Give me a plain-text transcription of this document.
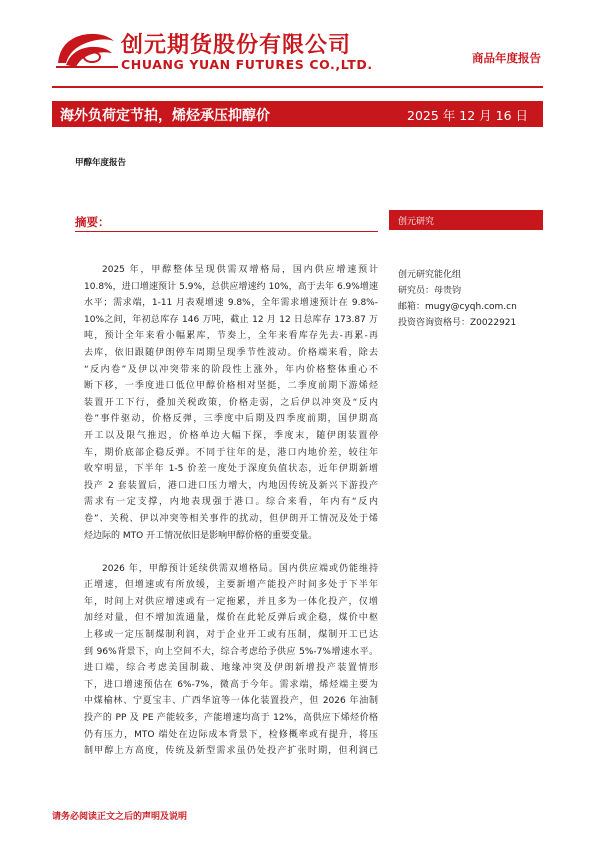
创元期货股份有限公司
CHUANG YUAN FUTURES CO.,LTD.	商品年度报告
海外负荷定节拍，烯烃承压抑醇价	2025 年 12 月 16 日
甲醇年度报告
摘要：
2025 年，甲醇整体呈现供需双增格局，国内供应增速预计
10.8%，进口增速预计 5.9%，总供应增速约 10%，高于去年 6.9%增速
水平；需求端，1-11 月表观增速 9.8%，全年需求增速预计在 9.8%-
10%之间，年初总库存 146 万吨，截止 12 月 12 日总库存 173.87 万
吨，预计全年来看小幅累库，节奏上，全年来看库存先去-再累-再
去库，依旧跟随伊朗停车周期呈现季节性波动。价格端来看，除去
“反内卷”及伊以冲突带来的阶段性上涨外，年内价格整体重心不
断下移，一季度进口低位甲醇价格相对坚挺，二季度前期下游烯烃
装置开工下行，叠加关税政策，价格走弱，之后伊以冲突及“反内
卷”事件驱动，价格反弹，三季度中后期及四季度前期，国伊期高
开工以及限气推迟，价格单边大幅下探，季度末，随伊朗装置停
车，期价底部企稳反弹。不同于往年的是，港口内地价差，较往年
收窄明显，下半年 1-5 价差一度处于深度负值状态，近年伊期新增
投产 2 套装置后，港口进口压力增大，内地因传统及新兴下游投产
需求有一定支撑，内地表现强于港口。综合来看，年内有“反内
卷”、关税、伊以冲突等相关事件的扰动，但伊朗开工情况及处于烯
烃边际的 MTO 开工情况依旧是影响甲醇价格的重要变量。
2026 年，甲醇预计延续供需双增格局。国内供应端或仍能维持
正增速，但增速或有所放缓，主要新增产能投产时间多处于下半年
年，时间上对供应增速或有一定拖累，并且多为一体化投产，仅增
加经对量，但不增加流通量，煤价在此轮反弹后或企稳，煤价中枢
上移或一定压制煤制利润，对于企业开工或有压制，煤制开工已达
到 96%背景下，向上空间不大，综合考虑给予供应 5%-7%增速水平。
进口端，综合考虑美国制裁、地缘冲突及伊朗新增投产装置情形
下，进口增速预估在 6%-7%，微高于今年。需求端，烯烃端主要为
中煤榆林、宁夏宝丰、广西华谊等一体化装置投产，但 2026 年油制
投产的 PP 及 PE 产能较多，产能增速均高于 12%，高供应下烯烃价格
仍有压力，MTO 端处在边际成本背景下，检修概率或有提升，将压
制甲醇上方高度，传统及新型需求虽仍处投产扩张时期，但利润已
创元研究
创元研究能化组
研究员：母贵钧
邮箱：mugy@cyqh.com.cn
投资咨询资格号：Z0022921
请务必阅读正文之后的声明及说明
